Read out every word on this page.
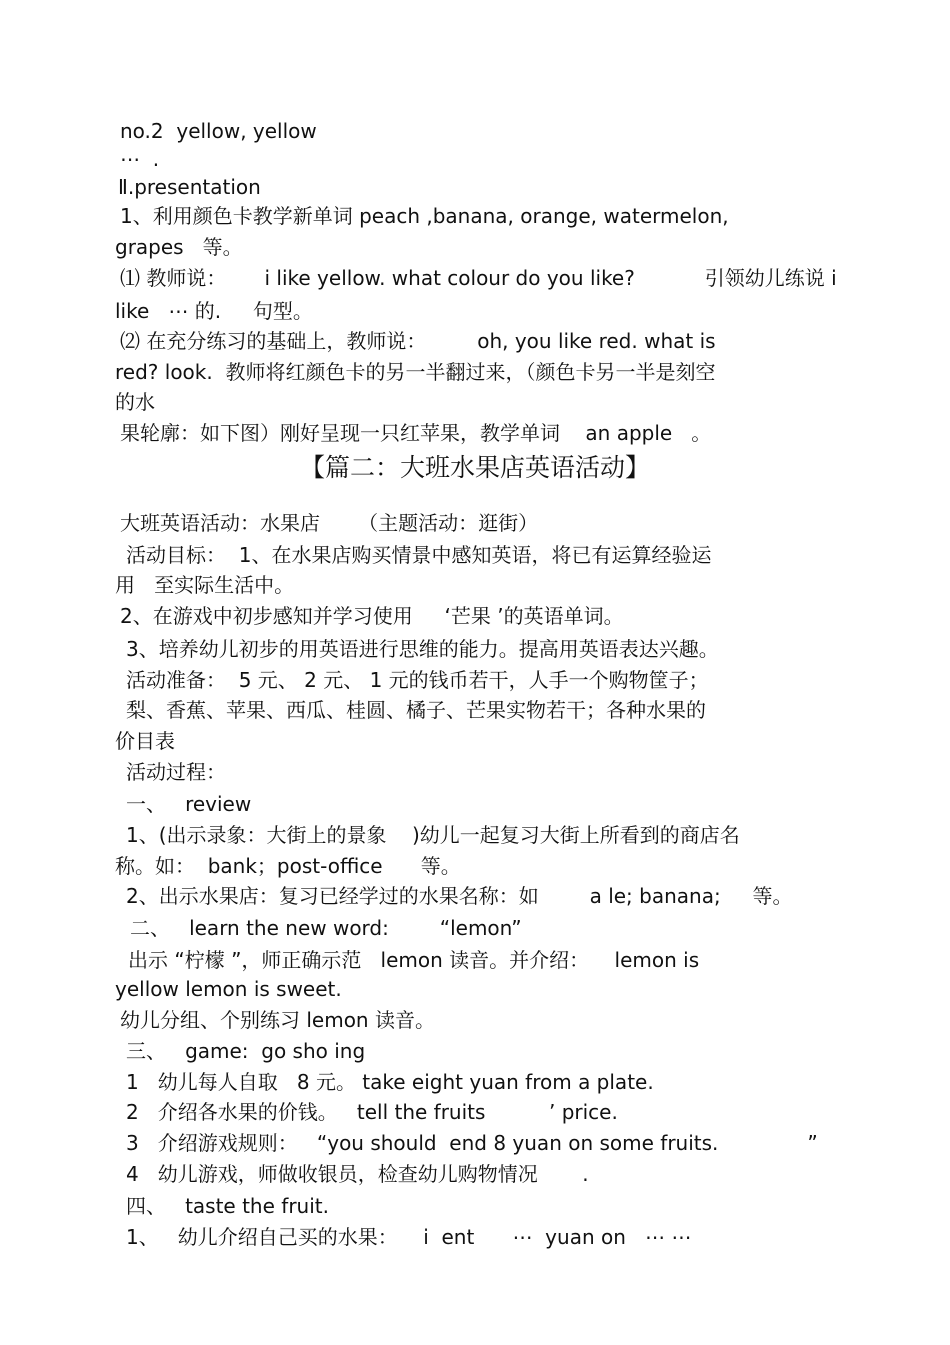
no.2  yellow, yellow
⋯  .
Ⅱ.presentation
1、利用颜色卡教学新单词 peach ,banana, orange, watermelon,
grapes   等。
⑴ 教师说：      i like yellow. what colour do you like?           引领幼儿练说 i
like   ⋯ 的.     句型。
⑵ 在充分练习的基础上，教师说：        oh, you like red. what is
red? look.  教师将红颜色卡的另一半翻过来，（颜色卡另一半是刻空
的水
果轮廓：如下图）刚好呈现一只红苹果，教学单词    an apple   。
【篇二：大班水果店英语活动】
大班英语活动：水果店      （主题活动：逛街）
活动目标：  1、在水果店购买情景中感知英语，将已有运算经验运
用   至实际生活中。
2、在游戏中初步感知并学习使用     ‘芒果 ’的英语单词。
3、培养幼儿初步的用英语进行思维的能力。提高用英语表达兴趣。
活动准备：  5 元、 2 元、 1 元的钱币若干，人手一个购物筐子；
梨、香蕉、苹果、西瓜、桂圆、橘子、芒果实物若干；各种水果的
价目表
活动过程：
一、   review
1、(出示录象：大街上的景象    )幼儿一起复习大街上所看到的商店名
称。如：  bank；post-office      等。
2、出示水果店：复习已经学过的水果名称：如        a le; banana;     等。
二、   learn the new word:        “lemon”
出示 “柠檬 ”，师正确示范   lemon 读音。并介绍：    lemon is
yellow lemon is sweet.
幼儿分组、个别练习 lemon 读音。
三、   game:  go sho ing
1   幼儿每人自取   8 元。 take eight yuan from a plate.
2   介绍各水果的价钱。   tell the fruits          ’ price.
3   介绍游戏规则：   “you should  end 8 yuan on some fruits.              ”
4   幼儿游戏，师做收银员，检查幼儿购物情况       .
四、   taste the fruit.
1、   幼儿介绍自己买的水果：    i  ent      ⋯  yuan on   ⋯ ⋯
